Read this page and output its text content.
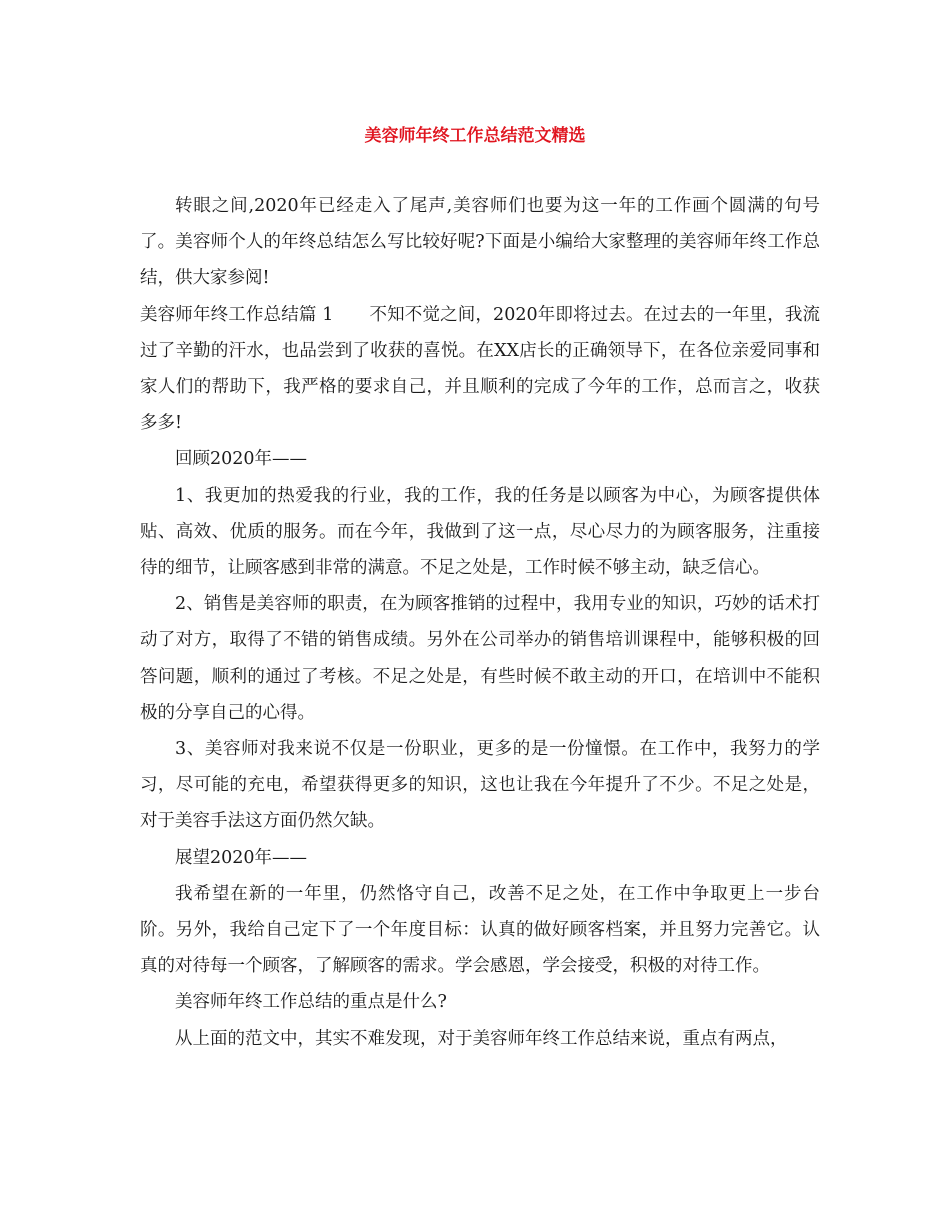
美容师年终工作总结范文精选

转眼之间,2020年已经走入了尾声,美容师们也要为这一年的工作画个圆满的句号了。美容师个人的年终总结怎么写比较好呢?下面是小编给大家整理的美容师年终工作总结，供大家参阅!

美容师年终工作总结篇 1 不知不觉之间，2020年即将过去。在过去的一年里，我流过了辛勤的汗水，也品尝到了收获的喜悦。在XX店长的正确领导下，在各位亲爱同事和家人们的帮助下，我严格的要求自己，并且顺利的完成了今年的工作，总而言之，收获多多!

回顾2020年——

1、我更加的热爱我的行业，我的工作，我的任务是以顾客为中心，为顾客提供体贴、高效、优质的服务。而在今年，我做到了这一点，尽心尽力的为顾客服务，注重接待的细节，让顾客感到非常的满意。不足之处是，工作时候不够主动，缺乏信心。

2、销售是美容师的职责，在为顾客推销的过程中，我用专业的知识，巧妙的话术打动了对方，取得了不错的销售成绩。另外在公司举办的销售培训课程中，能够积极的回答问题，顺利的通过了考核。不足之处是，有些时候不敢主动的开口，在培训中不能积极的分享自己的心得。

3、美容师对我来说不仅是一份职业，更多的是一份憧憬。在工作中，我努力的学习，尽可能的充电，希望获得更多的知识，这也让我在今年提升了不少。不足之处是，对于美容手法这方面仍然欠缺。

展望2020年——

我希望在新的一年里，仍然恪守自己，改善不足之处，在工作中争取更上一步台阶。另外，我给自己定下了一个年度目标：认真的做好顾客档案，并且努力完善它。认真的对待每一个顾客，了解顾客的需求。学会感恩，学会接受，积极的对待工作。

美容师年终工作总结的重点是什么?

从上面的范文中，其实不难发现，对于美容师年终工作总结来说，重点有两点，
